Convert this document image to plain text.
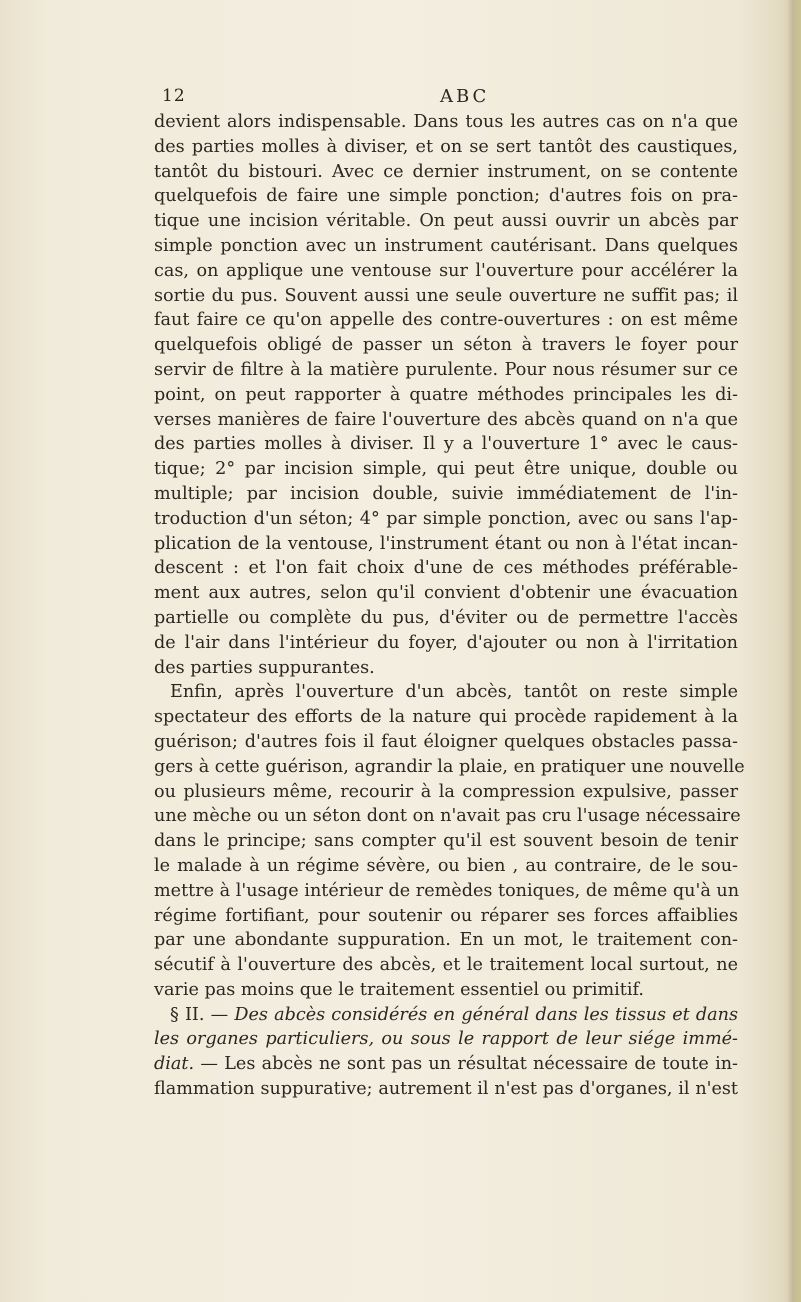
12	ABC
devient alors indispensable. Dans tous les autres cas on n'a que
des parties molles à diviser, et on se sert tantôt des caustiques,
tantôt du bistouri. Avec ce dernier instrument, on se contente
quelquefois de faire une simple ponction; d'autres fois on pra-
tique une incision véritable. On peut aussi ouvrir un abcès par
simple ponction avec un instrument cautérisant. Dans quelques
cas, on applique une ventouse sur l'ouverture pour accélérer la
sortie du pus. Souvent aussi une seule ouverture ne suffit pas; il
faut faire ce qu'on appelle des contre-ouvertures : on est même
quelquefois obligé de passer un séton à travers le foyer pour
servir de filtre à la matière purulente. Pour nous résumer sur ce
point, on peut rapporter à quatre méthodes principales les di-
verses manières de faire l'ouverture des abcès quand on n'a que
des parties molles à diviser. Il y a l'ouverture 1° avec le caus-
tique; 2° par incision simple, qui peut être unique, double ou
multiple; par incision double, suivie immédiatement de l'in-
troduction d'un séton; 4° par simple ponction, avec ou sans l'ap-
plication de la ventouse, l'instrument étant ou non à l'état incan-
descent : et l'on fait choix d'une de ces méthodes préférable-
ment aux autres, selon qu'il convient d'obtenir une évacuation
partielle ou complète du pus, d'éviter ou de permettre l'accès
de l'air dans l'intérieur du foyer, d'ajouter ou non à l'irritation
des parties suppurantes.
Enfin, après l'ouverture d'un abcès, tantôt on reste simple
spectateur des efforts de la nature qui procède rapidement à la
guérison; d'autres fois il faut éloigner quelques obstacles passa-
gers à cette guérison, agrandir la plaie, en pratiquer une nouvelle
ou plusieurs même, recourir à la compression expulsive, passer
une mèche ou un séton dont on n'avait pas cru l'usage nécessaire
dans le principe; sans compter qu'il est souvent besoin de tenir
le malade à un régime sévère, ou bien , au contraire, de le sou-
mettre à l'usage intérieur de remèdes toniques, de même qu'à un
régime fortifiant, pour soutenir ou réparer ses forces affaiblies
par une abondante suppuration. En un mot, le traitement con-
sécutif à l'ouverture des abcès, et le traitement local surtout, ne
varie pas moins que le traitement essentiel ou primitif.
§ II. — Des abcès considérés en général dans les tissus et dans
les organes particuliers, ou sous le rapport de leur siége immé-
diat. — Les abcès ne sont pas un résultat nécessaire de toute in-
flammation suppurative; autrement il n'est pas d'organes, il n'est
